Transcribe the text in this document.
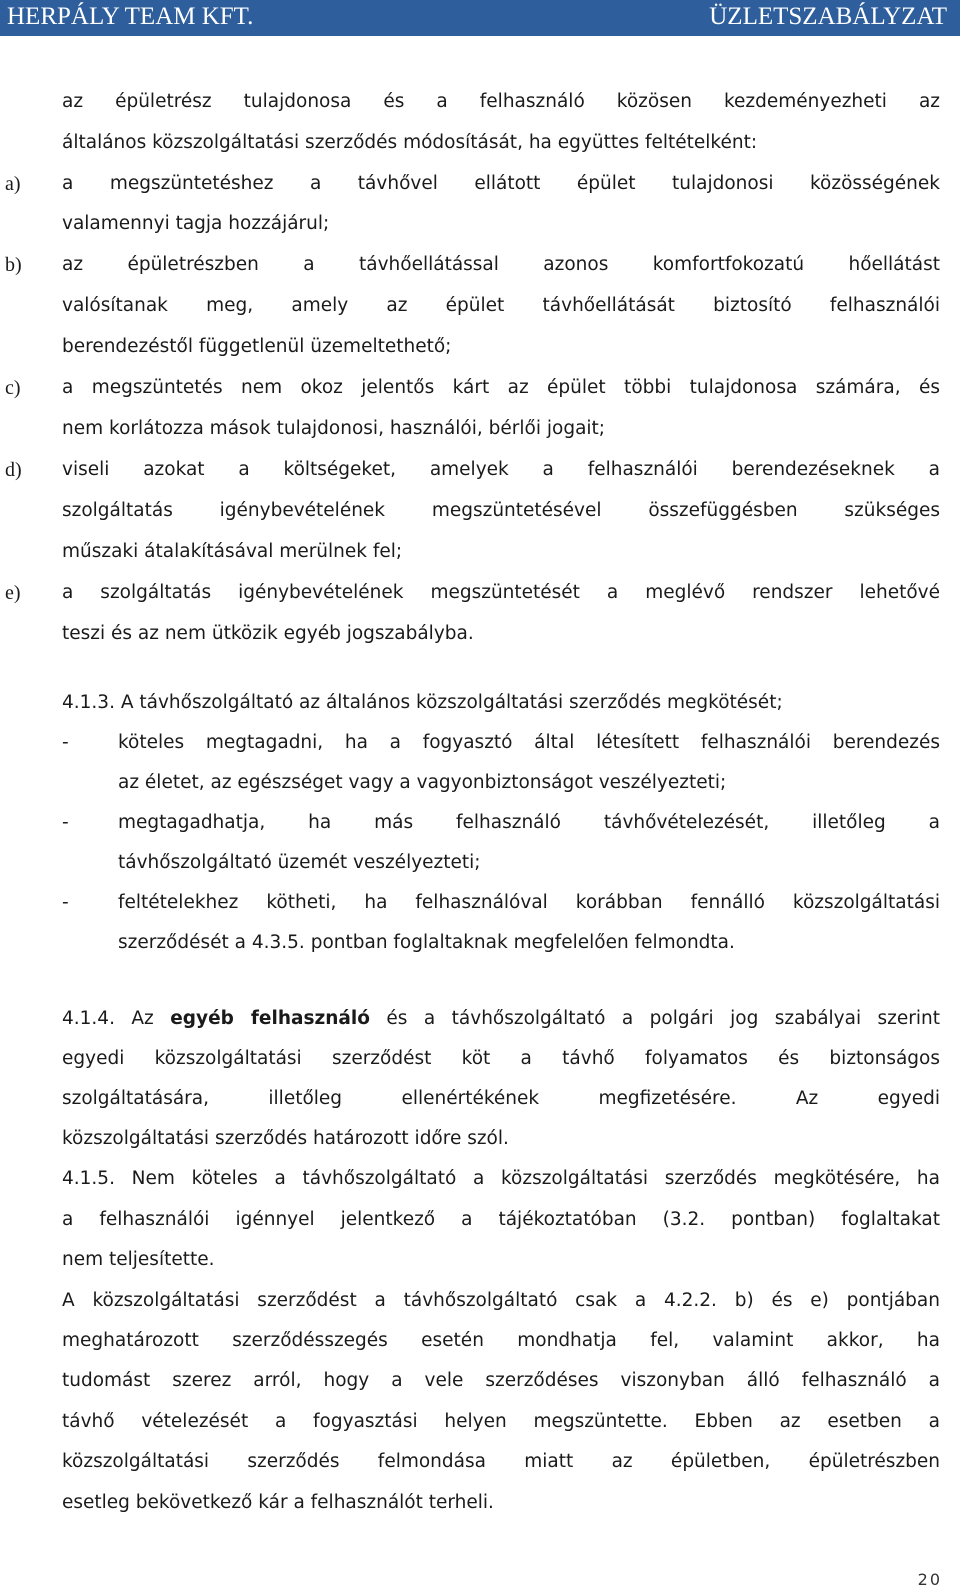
HERPÁLY TEAM KFT.	ÜZLETSZABÁLYZAT
az épületrész tulajdonosa és a felhasználó közösen kezdeményezheti az
általános közszolgáltatási szerződés módosítását, ha együttes feltételként:
a) a megszüntetéshez a távhővel ellátott épület tulajdonosi közösségének
valamennyi tagja hozzájárul;
b) az épületrészben a távhőellátással azonos komfortfokozatú hőellátást
valósítanak meg, amely az épület távhőellátását biztosító felhasználói
berendezéstől függetlenül üzemeltethető;
c) a megszüntetés nem okoz jelentős kárt az épület többi tulajdonosa számára, és
nem korlátozza mások tulajdonosi, használói, bérlői jogait;
d) viseli azokat a költségeket, amelyek a felhasználói berendezéseknek a
szolgáltatás igénybevételének megszüntetésével összefüggésben szükséges
műszaki átalakításával merülnek fel;
e) a szolgáltatás igénybevételének megszüntetését a meglévő rendszer lehetővé
teszi és az nem ütközik egyéb jogszabályba.
4.1.3. A távhőszolgáltató az általános közszolgáltatási szerződés megkötését;
-	köteles megtagadni, ha a fogyasztó által létesített felhasználói berendezés
az életet, az egészséget vagy a vagyonbiztonságot veszélyezteti;
-	megtagadhatja, ha más felhasználó távhővételezését, illetőleg a
távhőszolgáltató üzemét veszélyezteti;
-	feltételekhez kötheti, ha felhasználóval korábban fennálló közszolgáltatási
szerződését a 4.3.5. pontban foglaltaknak megfelelően felmondta.
4.1.4. Az egyéb felhasználó és a távhőszolgáltató a polgári jog szabályai szerint
egyedi közszolgáltatási szerződést köt a távhő folyamatos és biztonságos
szolgáltatására, illetőleg ellenértékének megfizetésére. Az egyedi
közszolgáltatási szerződés határozott időre szól.
4.1.5. Nem köteles a távhőszolgáltató a közszolgáltatási szerződés megkötésére, ha
a felhasználói igénnyel jelentkező a tájékoztatóban (3.2. pontban) foglaltakat
nem teljesítette.
A közszolgáltatási szerződést a távhőszolgáltató csak a 4.2.2. b) és e) pontjában
meghatározott szerződésszegés esetén mondhatja fel, valamint akkor, ha
tudomást szerez arról, hogy a vele szerződéses viszonyban álló felhasználó a
távhő vételezését a fogyasztási helyen megszüntette. Ebben az esetben a
közszolgáltatási szerződés felmondása miatt az épületben, épületrészben
esetleg bekövetkező kár a felhasználót terheli.
20
